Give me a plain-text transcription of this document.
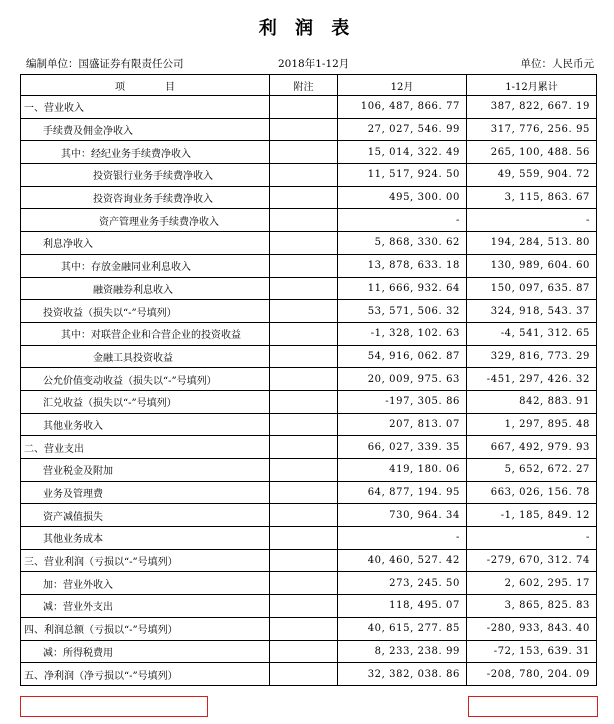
利 润 表
编制单位：国盛证券有限责任公司	2018年1-12月	单位：人民币元
项　　　　目	附注	12月	1-12月累计
一、营业收入		106, 487, 866. 77	387, 822, 667. 19
手续费及佣金净收入		27, 027, 546. 99	317, 776, 256. 95
其中：经纪业务手续费净收入		15, 014, 322. 49	265, 100, 488. 56
投资银行业务手续费净收入		11, 517, 924. 50	49, 559, 904. 72
投资咨询业务手续费净收入		495, 300. 00	3, 115, 863. 67
资产管理业务手续费净收入		-	-
利息净收入		5, 868, 330. 62	194, 284, 513. 80
其中：存放金融同业利息收入		13, 878, 633. 18	130, 989, 604. 60
融资融券利息收入		11, 666, 932. 64	150, 097, 635. 87
投资收益（损失以“-”号填列）		53, 571, 506. 32	324, 918, 543. 37
其中：对联营企业和合营企业的投资收益		-1, 328, 102. 63	-4, 541, 312. 65
金融工具投资收益		54, 916, 062. 87	329, 816, 773. 29
公允价值变动收益（损失以“-”号填列）		20, 009, 975. 63	-451, 297, 426. 32
汇兑收益（损失以“-”号填列）		-197, 305. 86	842, 883. 91
其他业务收入		207, 813. 07	1, 297, 895. 48
二、营业支出		66, 027, 339. 35	667, 492, 979. 93
营业税金及附加		419, 180. 06	5, 652, 672. 27
业务及管理费		64, 877, 194. 95	663, 026, 156. 78
资产减值损失		730, 964. 34	-1, 185, 849. 12
其他业务成本		-	-
三、营业利润（亏损以“-”号填列）		40, 460, 527. 42	-279, 670, 312. 74
加：营业外收入		273, 245. 50	2, 602, 295. 17
减：营业外支出		118, 495. 07	3, 865, 825. 83
四、利润总额（亏损以“-”号填列）		40, 615, 277. 85	-280, 933, 843. 40
减：所得税费用		8, 233, 238. 99	-72, 153, 639. 31
五、净利润（净亏损以“-”号填列）		32, 382, 038. 86	-208, 780, 204. 09
